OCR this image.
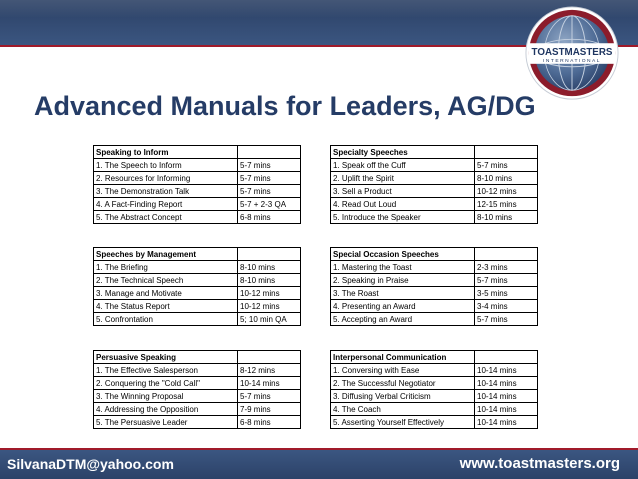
TOASTMASTERS
INTERNATIONAL
Advanced Manuals for Leaders, AG/DG
Speaking to Inform	
1. The Speech to Inform	5-7 mins
2. Resources for Informing	5-7 mins
3. The Demonstration Talk	5-7 mins
4. A Fact-Finding Report	5-7 + 2-3 QA
5. The Abstract Concept	6-8 mins
Specialty Speeches	
1. Speak off the Cuff	5-7 mins
2. Uplift the Spirit	8-10 mins
3. Sell a Product	10-12 mins
4. Read Out Loud	12-15 mins
5. Introduce the Speaker	8-10 mins
Speeches by Management	
1. The Briefing	8-10 mins
2. The Technical Speech	8-10 mins
3. Manage and Motivate	10-12 mins
4. The Status Report	10-12 mins
5. Confrontation	5; 10 min QA
Special Occasion Speeches	
1. Mastering the Toast	2-3 mins
2. Speaking in Praise	5-7 mins
3. The Roast	3-5 mins
4. Presenting an Award	3-4 mins
5. Accepting an Award	5-7 mins
Persuasive Speaking	
1. The Effective Salesperson	8-12 mins
2. Conquering the "Cold Call"	10-14 mins
3. The Winning Proposal	5-7 mins
4. Addressing the Opposition	7-9 mins
5. The Persuasive Leader	6-8 mins
Interpersonal Communication	
1. Conversing with Ease	10-14 mins
2. The Successful Negotiator	10-14 mins
3. Diffusing Verbal Criticism	10-14 mins
4. The Coach	10-14 mins
5. Asserting Yourself Effectively	10-14 mins
SilvanaDTM@yahoo.com	www.toastmasters.org
